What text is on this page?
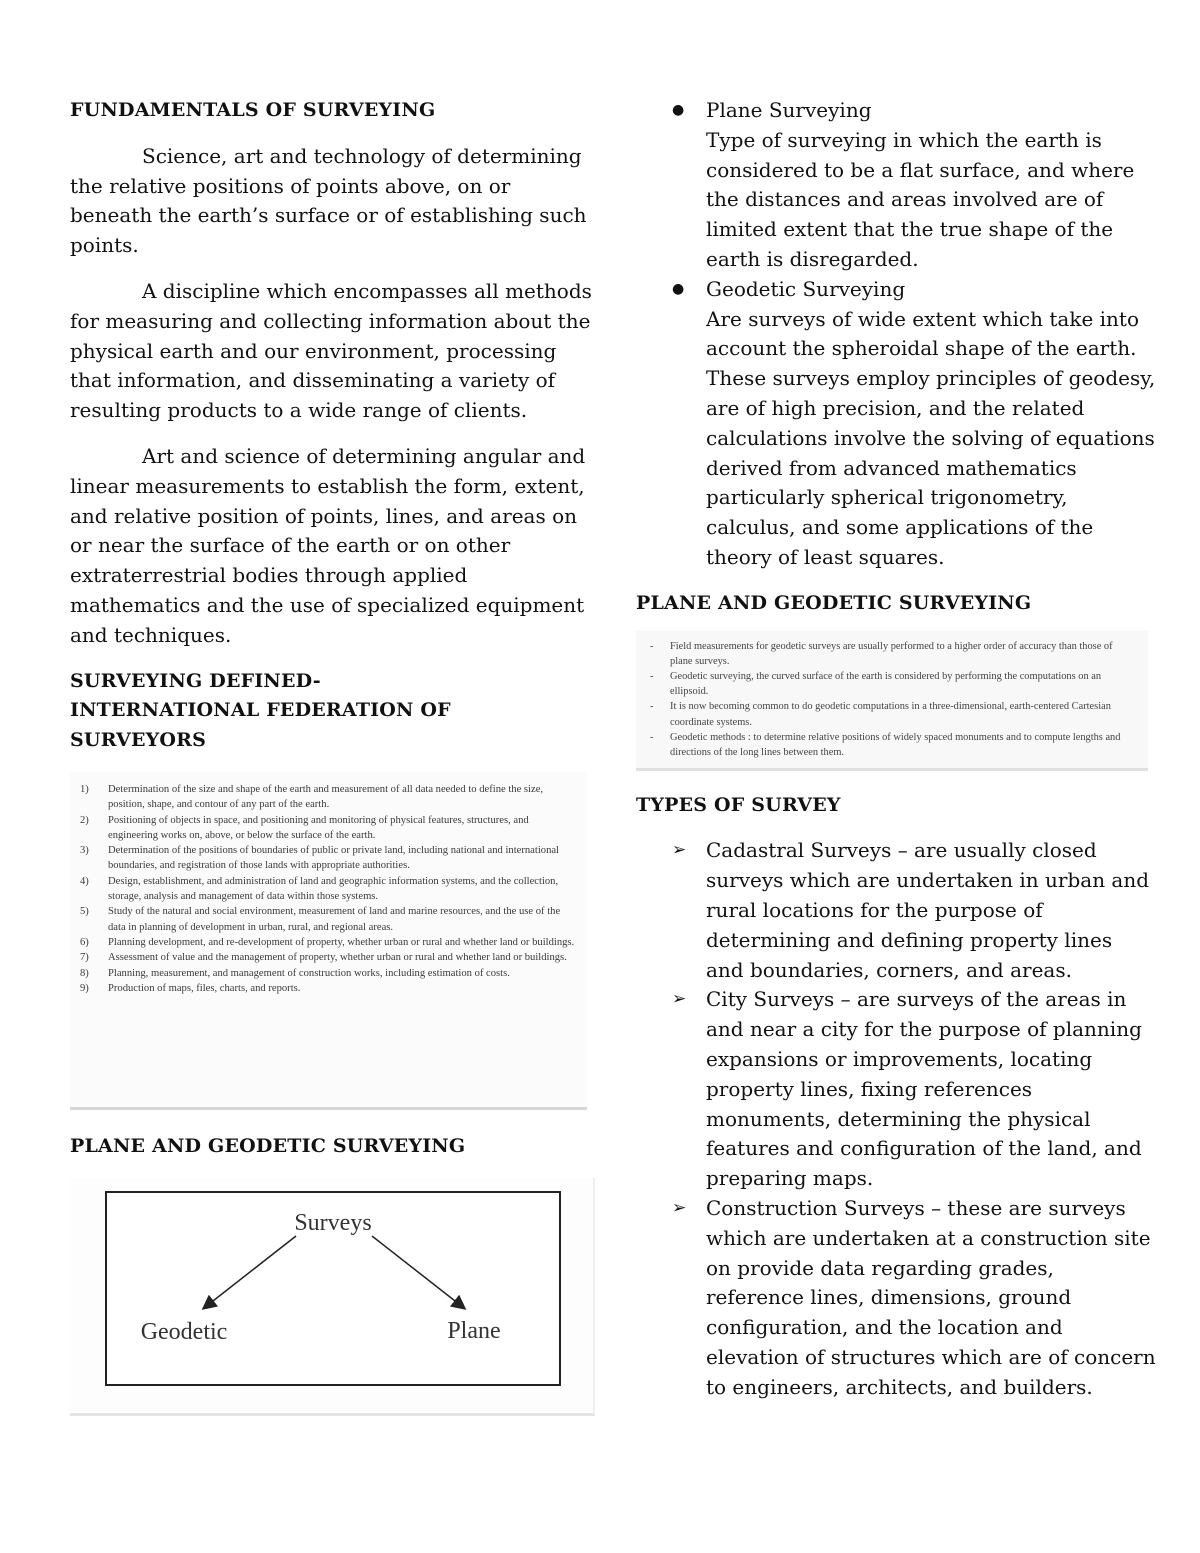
FUNDAMENTALS OF SURVEYING

Science, art and technology of determining the relative positions of points above, on or beneath the earth’s surface or of establishing such points.

A discipline which encompasses all methods for measuring and collecting information about the physical earth and our environment, processing that information, and disseminating a variety of resulting products to a wide range of clients.

Art and science of determining angular and linear measurements to establish the form, extent, and relative position of points, lines, and areas on or near the surface of the earth or on other extraterrestrial bodies through applied mathematics and the use of specialized equipment and techniques.

SURVEYING DEFINED-INTERNATIONAL FEDERATION OF SURVEYORS
1)	Determination of the size and shape of the earth and measurement of all data needed to define the size, position, shape, and contour of any part of the earth.
2)	Positioning of objects in space, and positioning and monitoring of physical features, structures, and engineering works on, above, or below the surface of the earth.
3)	Determination of the positions of boundaries of public or private land, including national and international boundaries, and registration of those lands with appropriate authorities.
4)	Design, establishment, and administration of land and geographic information systems, and the collection, storage, analysis and management of data within those systems.
5)	Study of the natural and social environment, measurement of land and marine resources, and the use of the data in planning of development in urban, rural, and regional areas.
6)	Planning development, and re-development of property, whether urban or rural and whether land or buildings.
7)	Assessment of value and the management of property, whether urban or rural and whether land or buildings.
8)	Planning, measurement, and management of construction works, including estimation of costs.
9)	Production of maps, files, charts, and reports.
PLANE AND GEODETIC SURVEYING
Surveys
Geodetic	Plane
●	Plane Surveying
Type of surveying in which the earth is considered to be a flat surface, and where the distances and areas involved are of limited extent that the true shape of the earth is disregarded.
●	Geodetic Surveying
Are surveys of wide extent which take into account the spheroidal shape of the earth. These surveys employ principles of geodesy, are of high precision, and the related calculations involve the solving of equations derived from advanced mathematics particularly spherical trigonometry, calculus, and some applications of the theory of least squares.
PLANE AND GEODETIC SURVEYING
-	Field measurements for geodetic surveys are usually performed to a higher order of accuracy than those of plane surveys.
-	Geodetic surveying, the curved surface of the earth is considered by performing the computations on an ellipsoid.
-	It is now becoming common to do geodetic computations in a three-dimensional, earth-centered Cartesian coordinate systems.
-	Geodetic methods : to determine relative positions of widely spaced monuments and to compute lengths and directions of the long lines between them.
TYPES OF SURVEY
➢ Cadastral Surveys – are usually closed surveys which are undertaken in urban and rural locations for the purpose of determining and defining property lines and boundaries, corners, and areas.
➢ City Surveys – are surveys of the areas in and near a city for the purpose of planning expansions or improvements, locating property lines, fixing references monuments, determining the physical features and configuration of the land, and preparing maps.
➢ Construction Surveys – these are surveys which are undertaken at a construction site on provide data regarding grades, reference lines, dimensions, ground configuration, and the location and elevation of structures which are of concern to engineers, architects, and builders.
